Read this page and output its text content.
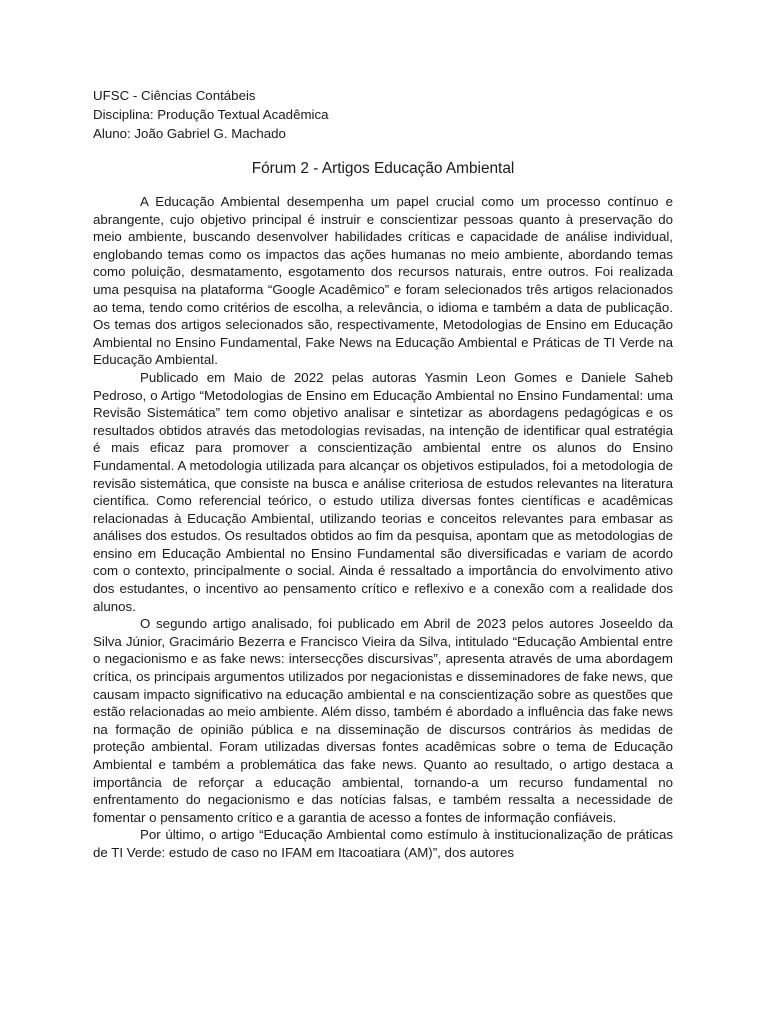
UFSC - Ciências Contábeis

Disciplina: Produção Textual Acadêmica

Aluno: João Gabriel G. Machado

Fórum 2 - Artigos Educação Ambiental

A Educação Ambiental desempenha um papel crucial como um processo contínuo e abrangente, cujo objetivo principal é instruir e conscientizar pessoas quanto à preservação do meio ambiente, buscando desenvolver habilidades críticas e capacidade de análise individual, englobando temas como os impactos das ações humanas no meio ambiente, abordando temas como poluição, desmatamento, esgotamento dos recursos naturais, entre outros. Foi realizada uma pesquisa na plataforma “Google Acadêmico” e foram selecionados três artigos relacionados ao tema, tendo como critérios de escolha, a relevância, o idioma e também a data de publicação. Os temas dos artigos selecionados são, respectivamente, Metodologias de Ensino em Educação Ambiental no Ensino Fundamental, Fake News na Educação Ambiental e Práticas de TI Verde na Educação Ambiental.

Publicado em Maio de 2022 pelas autoras Yasmin Leon Gomes e Daniele Saheb Pedroso, o Artigo “Metodologias de Ensino em Educação Ambiental no Ensino Fundamental: uma Revisão Sistemática” tem como objetivo analisar e sintetizar as abordagens pedagógicas e os resultados obtidos através das metodologias revisadas, na intenção de identificar qual estratégia é mais eficaz para promover a conscientização ambiental entre os alunos do Ensino Fundamental. A metodologia utilizada para alcançar os objetivos estipulados, foi a metodologia de revisão sistemática, que consiste na busca e análise criteriosa de estudos relevantes na literatura científica. Como referencial teórico, o estudo utiliza diversas fontes científicas e acadêmicas relacionadas à Educação Ambiental, utilizando teorias e conceitos relevantes para embasar as análises dos estudos. Os resultados obtidos ao fim da pesquisa, apontam que as metodologias de ensino em Educação Ambiental no Ensino Fundamental são diversificadas e variam de acordo com o contexto, principalmente o social. Ainda é ressaltado a importância do envolvimento ativo dos estudantes, o incentivo ao pensamento crítico e reflexivo e a conexão com a realidade dos alunos.

O segundo artigo analisado, foi publicado em Abril de 2023 pelos autores Joseeldo da Silva Júnior, Gracimário Bezerra e Francisco Vieira da Silva, intitulado “Educação Ambiental entre o negacionismo e as fake news: intersecções discursivas”, apresenta através de uma abordagem crítica, os principais argumentos utilizados por negacionistas e disseminadores de fake news, que causam impacto significativo na educação ambiental e na conscientização sobre as questões que estão relacionadas ao meio ambiente. Além disso, também é abordado a influência das fake news na formação de opinião pública e na disseminação de discursos contrários às medidas de proteção ambiental. Foram utilizadas diversas fontes acadêmicas sobre o tema de Educação Ambiental e também a problemática das fake news. Quanto ao resultado, o artigo destaca a importância de reforçar a educação ambiental, tornando-a um recurso fundamental no enfrentamento do negacionismo e das notícias falsas, e também ressalta a necessidade de fomentar o pensamento crítico e a garantia de acesso a fontes de informação confiáveis.

Por último, o artigo “Educação Ambiental como estímulo à institucionalização de práticas de TI Verde: estudo de caso no IFAM em Itacoatiara (AM)”, dos autores
